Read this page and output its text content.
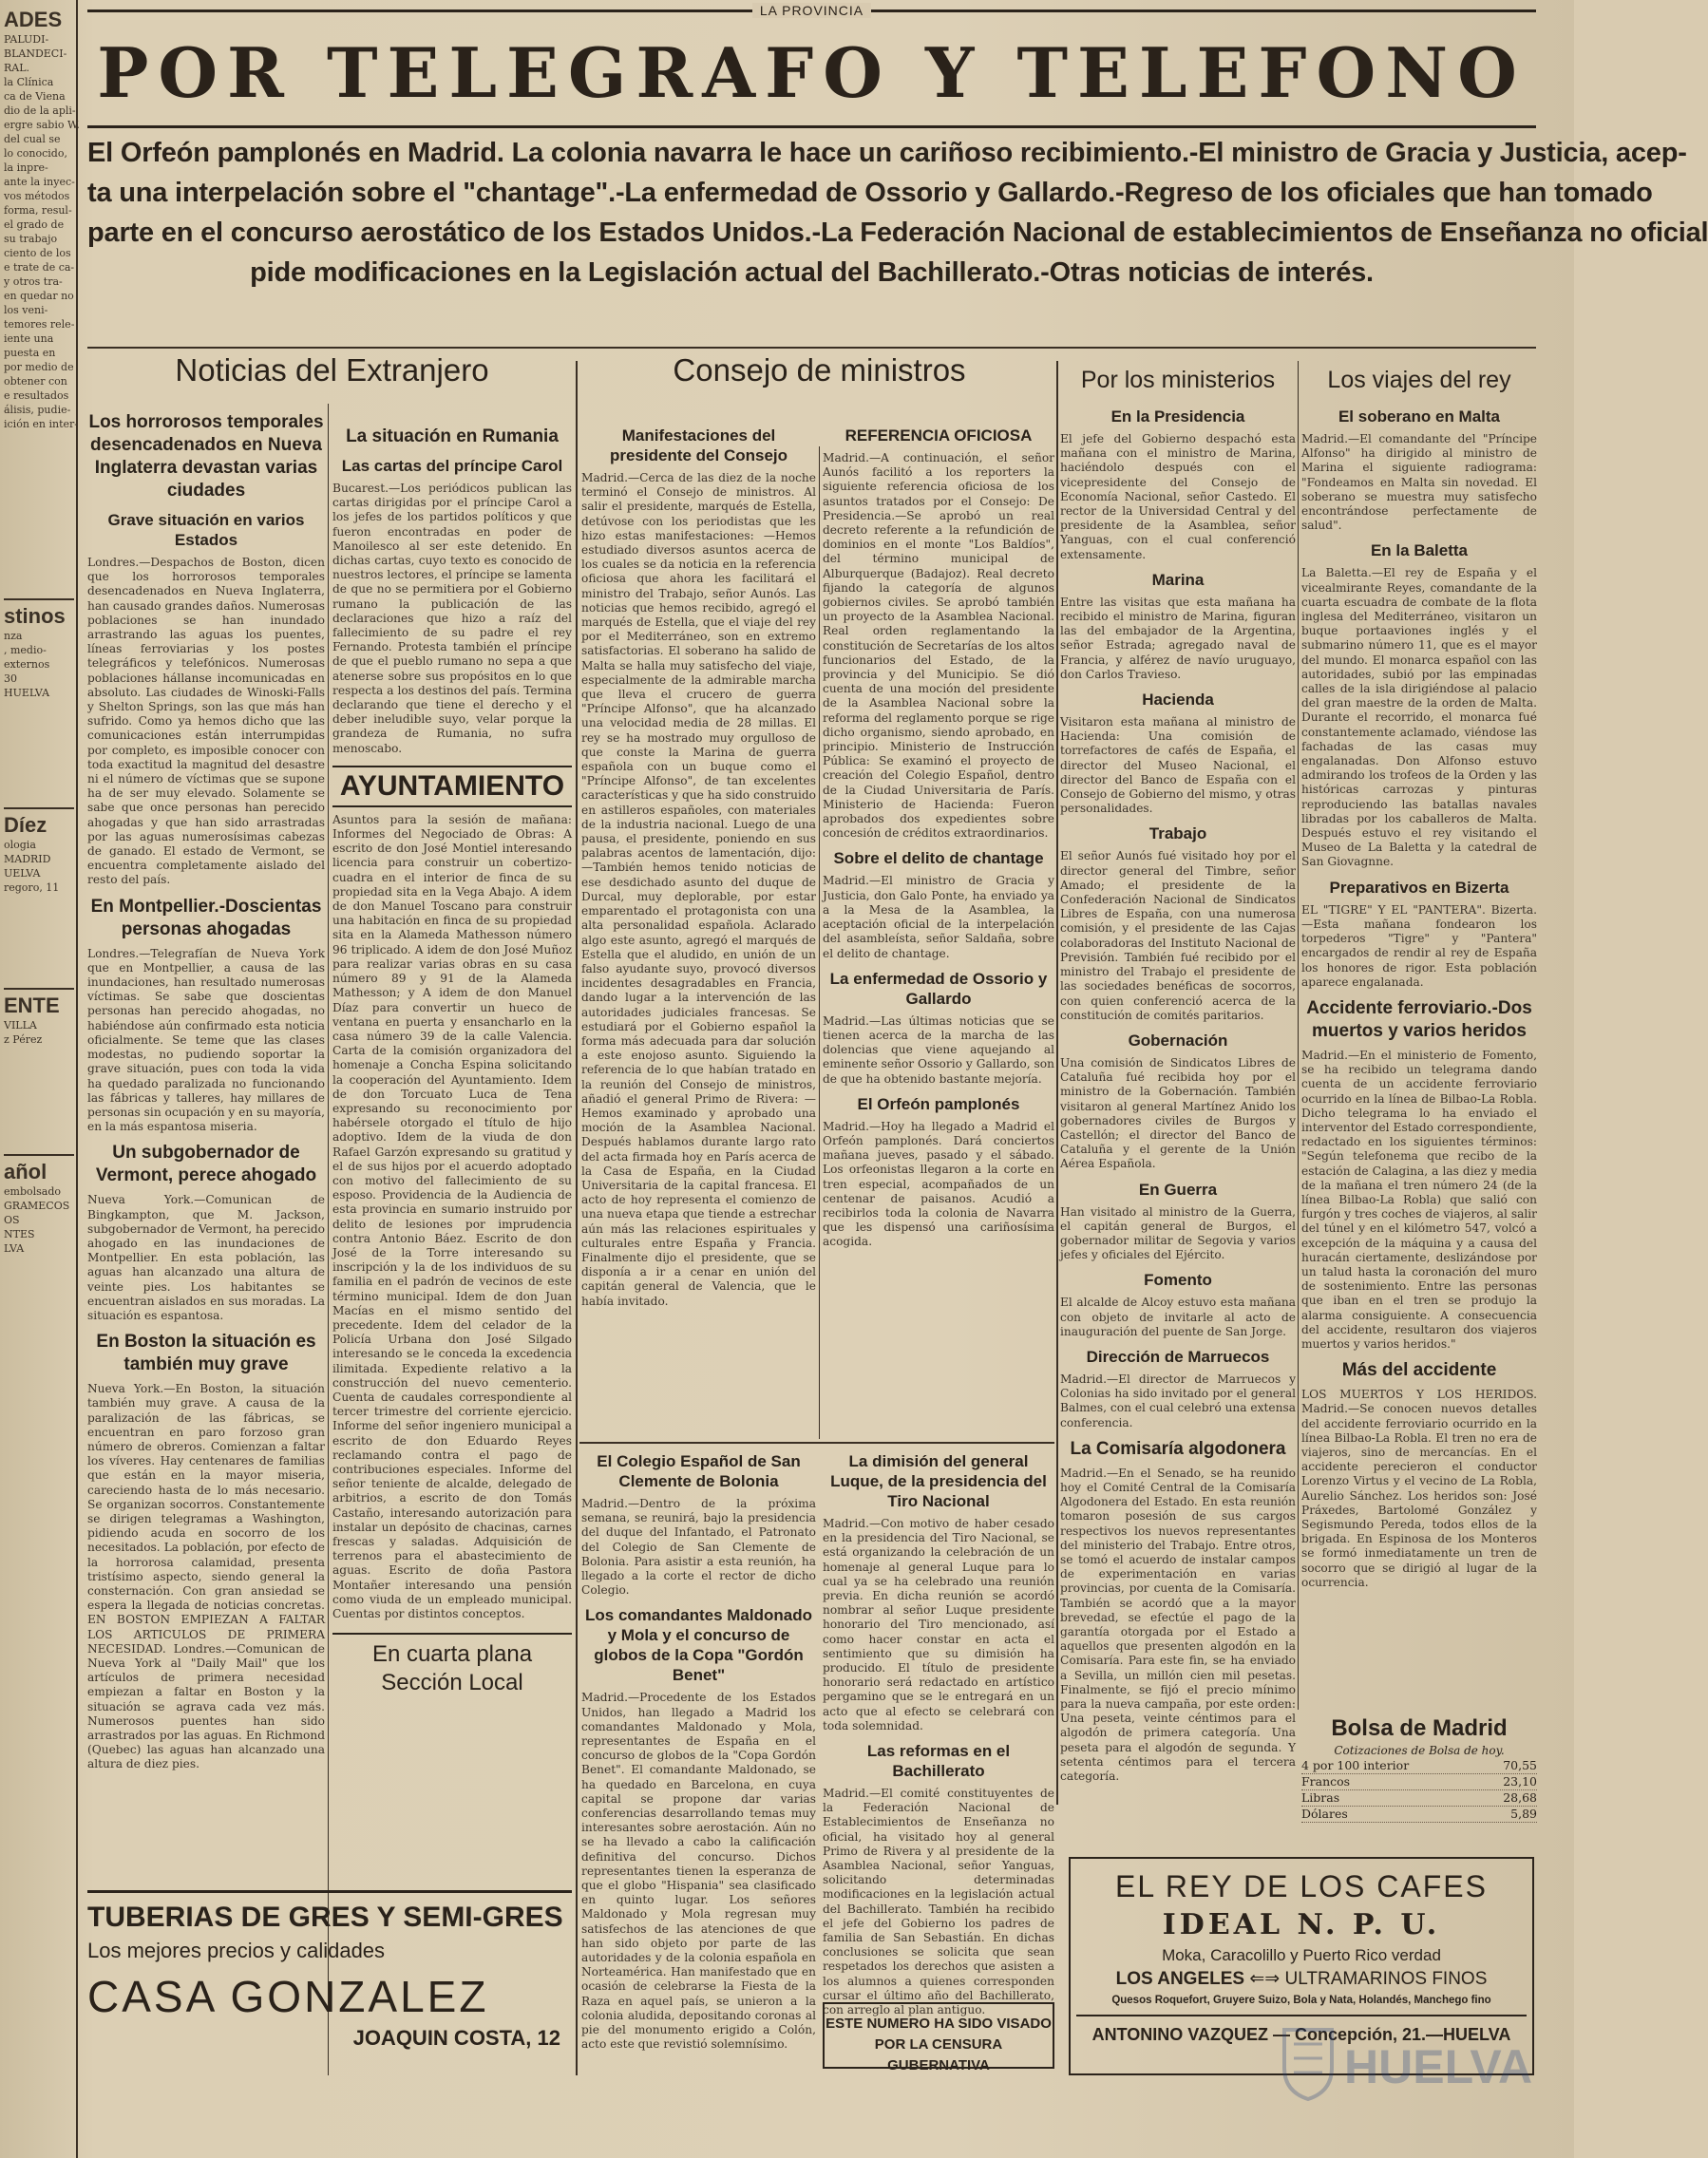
ADES

PALUDI-

BLANDECI-

RAL.

la Clínica

ca de Viena

dio de la apli-

ergre sabio W.

del cual se

lo conocido,

la inpre-

ante la inyec-

vos métodos

forma, resul-

el grado de

su trabajo

ciento de los

e trate de ca-

y otros tra-

en quedar no

los veni-

temores rele-

iente una

puesta en

por medio de

obtener con

e resultados

álisis, pudie-

ición en inter-

stinos

nza

, medio-

externos

30

HUELVA

Díez

ologia

MADRID

UELVA

regoro, 11

ENTE

VILLA

z Pérez

añol

embolsado

GRAMECOS

OS

NTES

LVA

LA PROVINCIA
POR TELEGRAFO Y TELEFONO

El Orfeón pamplonés en Madrid. La colonia navarra le hace un cariñoso recibimiento.-El ministro de Gracia y Justicia, acep-

ta una interpelación sobre el "chantage".-La enfermedad de Ossorio y Gallardo.-Regreso de los oficiales que han tomado

parte en el concurso aerostático de los Estados Unidos.-La Federación Nacional de establecimientos de Enseñanza no oficial

pide modificaciones en la Legislación actual del Bachillerato.-Otras noticias de interés.

Noticias del Extranjero	Consejo de ministros	Por los ministerios	Los viajes del rey
Los horrorosos temporales desencadenados en Nueva Inglaterra devastan varias ciudades
Grave situación en varios Estados
Londres.—Despachos de Boston, dicen que los horrorosos temporales desencadenados en Nueva Inglaterra, han causado grandes daños. Numerosas poblaciones se han inundado arrastrando las aguas los puentes, líneas ferroviarias y los postes telegráficos y telefónicos. Numerosas poblaciones hállanse incomunicadas en absoluto. Las ciudades de Winoski-Falls y Shelton Springs, son las que más han sufrido. Como ya hemos dicho que las comunicaciones están interrumpidas por completo, es imposible conocer con toda exactitud la magnitud del desastre ni el número de víctimas que se supone ha de ser muy elevado. Solamente se sabe que once personas han perecido ahogadas y que han sido arrastradas por las aguas numerosísimas cabezas de ganado. El estado de Vermont, se encuentra completamente aislado del resto del país.
En Montpellier.-Doscientas personas ahogadas
Londres.—Telegrafían de Nueva York que en Montpellier, a causa de las inundaciones, han resultado numerosas víctimas. Se sabe que doscientas personas han perecido ahogadas, no habiéndose aún confirmado esta noticia oficialmente. Se teme que las clases modestas, no pudiendo soportar la grave situación, pues con toda la vida ha quedado paralizada no funcionando las fábricas y talleres, hay millares de personas sin ocupación y en su mayoría, en la más espantosa miseria.
Un subgobernador de Vermont, perece ahogado
Nueva York.—Comunican de Bingkampton, que M. Jackson, subgobernador de Vermont, ha perecido ahogado en las inundaciones de Montpellier. En esta población, las aguas han alcanzado una altura de veinte pies. Los habitantes se encuentran aislados en sus moradas. La situación es espantosa.
En Boston la situación es también muy grave
Nueva York.—En Boston, la situación también muy grave. A causa de la paralización de las fábricas, se encuentran en paro forzoso gran número de obreros. Comienzan a faltar los víveres. Hay centenares de familias que están en la mayor miseria, careciendo hasta de lo más necesario. Se organizan socorros. Constantemente se dirigen telegramas a Washington, pidiendo acuda en socorro de los necesitados. La población, por efecto de la horrorosa calamidad, presenta tristísimo aspecto, siendo general la consternación. Con gran ansiedad se espera la llegada de noticias concretas. EN BOSTON EMPIEZAN A FALTAR LOS ARTICULOS DE PRIMERA NECESIDAD. Londres.—Comunican de Nueva York al "Daily Mail" que los artículos de primera necesidad empiezan a faltar en Boston y la situación se agrava cada vez más. Numerosos puentes han sido arrastrados por las aguas. En Richmond (Quebec) las aguas han alcanzado una altura de diez pies.
La situación en Rumania
Las cartas del príncipe Carol
Bucarest.—Los periódicos publican las cartas dirigidas por el príncipe Carol a los jefes de los partidos políticos y que fueron encontradas en poder de Manoilesco al ser este detenido. En dichas cartas, cuyo texto es conocido de nuestros lectores, el príncipe se lamenta de que no se permitiera por el Gobierno rumano la publicación de las declaraciones que hizo a raíz del fallecimiento de su padre el rey Fernando. Protesta también el príncipe de que el pueblo rumano no sepa a que atenerse sobre sus propósitos en lo que respecta a los destinos del país. Termina declarando que tiene el derecho y el deber ineludible suyo, velar porque la grandeza de Rumania, no sufra menoscabo.
AYUNTAMIENTO
Asuntos para la sesión de mañana: Informes del Negociado de Obras: A escrito de don José Montiel interesando licencia para construir un cobertizo-cuadra en el interior de finca de su propiedad sita en la Vega Abajo. A idem de don Manuel Toscano para construir una habitación en finca de su propiedad sita en la Alameda Mathesson número 96 triplicado. A idem de don José Muñoz para realizar varias obras en su casa número 89 y 91 de la Alameda Mathesson; y A idem de don Manuel Díaz para convertir un hueco de ventana en puerta y ensancharlo en la casa número 39 de la calle Valencia. Carta de la comisión organizadora del homenaje a Concha Espina solicitando la cooperación del Ayuntamiento. Idem de don Torcuato Luca de Tena expresando su reconocimiento por habérsele otorgado el título de hijo adoptivo. Idem de la viuda de don Rafael Garzón expresando su gratitud y el de sus hijos por el acuerdo adoptado con motivo del fallecimiento de su esposo. Providencia de la Audiencia de esta provincia en sumario instruido por delito de lesiones por imprudencia contra Antonio Báez. Escrito de don José de la Torre interesando su inscripción y la de los individuos de su familia en el padrón de vecinos de este término municipal. Idem de don Juan Macías en el mismo sentido del precedente. Idem del celador de la Policía Urbana don José Silgado interesando se le conceda la excedencia ilimitada. Expediente relativo a la construcción del nuevo cementerio. Cuenta de caudales correspondiente al tercer trimestre del corriente ejercicio. Informe del señor ingeniero municipal a escrito de don Eduardo Reyes reclamando contra el pago de contribuciones especiales. Informe del señor teniente de alcalde, delegado de arbitrios, a escrito de don Tomás Castaño, interesando autorización para instalar un depósito de chacinas, carnes frescas y saladas. Adquisición de terrenos para el abastecimiento de aguas. Escrito de doña Pastora Montañer interesando una pensión como viuda de un empleado municipal. Cuentas por distintos conceptos.
En cuarta plana
Sección Local
Manifestaciones del presidente del Consejo
Madrid.—Cerca de las diez de la noche terminó el Consejo de ministros. Al salir el presidente, marqués de Estella, detúvose con los periodistas que les hizo estas manifestaciones: —Hemos estudiado diversos asuntos acerca de los cuales se da noticia en la referencia oficiosa que ahora les facilitará el ministro del Trabajo, señor Aunós. Las noticias que hemos recibido, agregó el marqués de Estella, que el viaje del rey por el Mediterráneo, son en extremo satisfactorias. El soberano ha salido de Malta se halla muy satisfecho del viaje, especialmente de la admirable marcha que lleva el crucero de guerra "Príncipe Alfonso", que ha alcanzado una velocidad media de 28 millas. El rey se ha mostrado muy orgulloso de que conste la Marina de guerra española con un buque como el "Príncipe Alfonso", de tan excelentes características y que ha sido construido en astilleros españoles, con materiales de la industria nacional. Luego de una pausa, el presidente, poniendo en sus palabras acentos de lamentación, dijo: —También hemos tenido noticias de ese desdichado asunto del duque de Durcal, muy deplorable, por estar emparentado el protagonista con una alta personalidad española. Aclarado algo este asunto, agregó el marqués de Estella que el aludido, en unión de un falso ayudante suyo, provocó diversos incidentes desagradables en Francia, dando lugar a la intervención de las autoridades judiciales francesas. Se estudiará por el Gobierno español la forma más adecuada para dar solución a este enojoso asunto. Siguiendo la referencia de lo que habían tratado en la reunión del Consejo de ministros, añadió el general Primo de Rivera: —Hemos examinado y aprobado una moción de la Asamblea Nacional. Después hablamos durante largo rato del acta firmada hoy en París acerca de la Casa de España, en la Ciudad Universitaria de la capital francesa. El acto de hoy representa el comienzo de una nueva etapa que tiende a estrechar aún más las relaciones espirituales y culturales entre España y Francia. Finalmente dijo el presidente, que se disponía a ir a cenar en unión del capitán general de Valencia, que le había invitado.
REFERENCIA OFICIOSA
Madrid.—A continuación, el señor Aunós facilitó a los reporters la siguiente referencia oficiosa de los asuntos tratados por el Consejo: De Presidencia.—Se aprobó un real decreto referente a la refundición de dominios en el monte "Los Baldíos", del término municipal de Alburquerque (Badajoz). Real decreto fijando la categoría de algunos gobiernos civiles. Se aprobó también un proyecto de la Asamblea Nacional. Real orden reglamentando la constitución de Secretarías de los altos funcionarios del Estado, de la provincia y del Municipio. Se dió cuenta de una moción del presidente de la Asamblea Nacional sobre la reforma del reglamento porque se rige dicho organismo, siendo aprobado, en principio. Ministerio de Instrucción Pública: Se examinó el proyecto de creación del Colegio Español, dentro de la Ciudad Universitaria de París. Ministerio de Hacienda: Fueron aprobados dos expedientes sobre concesión de créditos extraordinarios.
Sobre el delito de chantage
Madrid.—El ministro de Gracia y Justicia, don Galo Ponte, ha enviado ya a la Mesa de la Asamblea, la aceptación oficial de la interpelación del asambleísta, señor Saldaña, sobre el delito de chantage.
La enfermedad de Ossorio y Gallardo
Madrid.—Las últimas noticias que se tienen acerca de la marcha de las dolencias que viene aquejando al eminente señor Ossorio y Gallardo, son de que ha obtenido bastante mejoría.
El Orfeón pamplonés
Madrid.—Hoy ha llegado a Madrid el Orfeón pamplonés. Dará conciertos mañana jueves, pasado y el sábado. Los orfeonistas llegaron a la corte en tren especial, acompañados de un centenar de paisanos. Acudió a recibirlos toda la colonia de Navarra que les dispensó una cariñosísima acogida.
El Colegio Español de San Clemente de Bolonia
Madrid.—Dentro de la próxima semana, se reunirá, bajo la presidencia del duque del Infantado, el Patronato del Colegio de San Clemente de Bolonia. Para asistir a esta reunión, ha llegado a la corte el rector de dicho Colegio.
Los comandantes Maldonado y Mola y el concurso de globos de la Copa "Gordón Benet"
Madrid.—Procedente de los Estados Unidos, han llegado a Madrid los comandantes Maldonado y Mola, representantes de España en el concurso de globos de la "Copa Gordón Benet". El comandante Maldonado, se ha quedado en Barcelona, en cuya capital se propone dar varias conferencias desarrollando temas muy interesantes sobre aerostación. Aún no se ha llevado a cabo la calificación definitiva del concurso. Dichos representantes tienen la esperanza de que el globo "Hispania" sea clasificado en quinto lugar. Los señores Maldonado y Mola regresan muy satisfechos de las atenciones de que han sido objeto por parte de las autoridades y de la colonia española en Norteamérica. Han manifestado que en ocasión de celebrarse la Fiesta de la Raza en aquel país, se unieron a la colonia aludida, depositando coronas al pie del monumento erigido a Colón, acto este que revistió solemnísimo.
La dimisión del general Luque, de la presidencia del Tiro Nacional
Madrid.—Con motivo de haber cesado en la presidencia del Tiro Nacional, se está organizando la celebración de un homenaje al general Luque para lo cual ya se ha celebrado una reunión previa. En dicha reunión se acordó nombrar al señor Luque presidente honorario del Tiro mencionado, así como hacer constar en acta el sentimiento que su dimisión ha producido. El título de presidente honorario será redactado en artístico pergamino que se le entregará en un acto que al efecto se celebrará con toda solemnidad.
Las reformas en el Bachillerato
Madrid.—El comité constituyentes de la Federación Nacional de Establecimientos de Enseñanza no oficial, ha visitado hoy al general Primo de Rivera y al presidente de la Asamblea Nacional, señor Yanguas, solicitando determinadas modificaciones en la legislación actual del Bachillerato. También ha recibido el jefe del Gobierno los padres de familia de San Sebastián. En dichas conclusiones se solicita que sean respetados los derechos que asisten a los alumnos a quienes corresponden cursar el último año del Bachillerato, con arreglo al plan antiguo.
ESTE NUMERO HA SIDO VISADO
POR LA CENSURA GUBERNATIVA
En la Presidencia
El jefe del Gobierno despachó esta mañana con el ministro de Marina, haciéndolo después con el vicepresidente del Consejo de Economía Nacional, señor Castedo. El rector de la Universidad Central y del presidente de la Asamblea, señor Yanguas, con el cual conferenció extensamente.
Marina
Entre las visitas que esta mañana ha recibido el ministro de Marina, figuran las del embajador de la Argentina, señor Estrada; agregado naval de Francia, y alférez de navío uruguayo, don Carlos Travieso.
Hacienda
Visitaron esta mañana al ministro de Hacienda: Una comisión de torrefactores de cafés de España, el director del Museo Nacional, el director del Banco de España con el Consejo de Gobierno del mismo, y otras personalidades.
Trabajo
El señor Aunós fué visitado hoy por el director general del Timbre, señor Amado; el presidente de la Confederación Nacional de Sindicatos Libres de España, con una numerosa comisión, y el presidente de las Cajas colaboradoras del Instituto Nacional de Previsión. También fué recibido por el ministro del Trabajo el presidente de las sociedades benéficas de socorros, con quien conferenció acerca de la constitución de comités paritarios.
Gobernación
Una comisión de Sindicatos Libres de Cataluña fué recibida hoy por el ministro de la Gobernación. También visitaron al general Martínez Anido los gobernadores civiles de Burgos y Castellón; el director del Banco de Cataluña y el gerente de la Unión Aérea Española.
En Guerra
Han visitado al ministro de la Guerra, el capitán general de Burgos, el gobernador militar de Segovia y varios jefes y oficiales del Ejército.
Fomento
El alcalde de Alcoy estuvo esta mañana con objeto de invitarle al acto de inauguración del puente de San Jorge.
Dirección de Marruecos
Madrid.—El director de Marruecos y Colonias ha sido invitado por el general Balmes, con el cual celebró una extensa conferencia.
La Comisaría algodonera
Madrid.—En el Senado, se ha reunido hoy el Comité Central de la Comisaría Algodonera del Estado. En esta reunión tomaron posesión de sus cargos respectivos los nuevos representantes del ministerio del Trabajo. Entre otros, se tomó el acuerdo de instalar campos de experimentación en varias provincias, por cuenta de la Comisaría. También se acordó que a la mayor brevedad, se efectúe el pago de la garantía otorgada por el Estado a aquellos que presenten algodón en la Comisaría. Para este fin, se ha enviado a Sevilla, un millón cien mil pesetas. Finalmente, se fijó el precio mínimo para la nueva campaña, por este orden: Una peseta, veinte céntimos para el algodón de primera categoría. Una peseta para el algodón de segunda. Y setenta céntimos para el tercera categoría.
El soberano en Malta
Madrid.—El comandante del "Príncipe Alfonso" ha dirigido al ministro de Marina el siguiente radiograma: "Fondeamos en Malta sin novedad. El soberano se muestra muy satisfecho encontrándose perfectamente de salud".
En la Baletta
La Baletta.—El rey de España y el vicealmirante Reyes, comandante de la cuarta escuadra de combate de la flota inglesa del Mediterráneo, visitaron un buque portaaviones inglés y el submarino número 11, que es el mayor del mundo. El monarca español con las autoridades, subió por las empinadas calles de la isla dirigiéndose al palacio del gran maestre de la orden de Malta. Durante el recorrido, el monarca fué constantemente aclamado, viéndose las fachadas de las casas muy engalanadas. Don Alfonso estuvo admirando los trofeos de la Orden y las históricas carrozas y pinturas reproduciendo las batallas navales libradas por los caballeros de Malta. Después estuvo el rey visitando el Museo de La Baletta y la catedral de San Giovagnne.
Preparativos en Bizerta
EL "TIGRE" Y EL "PANTERA". Bizerta.—Esta mañana fondearon los torpederos "Tigre" y "Pantera" encargados de rendir al rey de España los honores de rigor. Esta población aparece engalanada.
Accidente ferroviario.-Dos muertos y varios heridos
Madrid.—En el ministerio de Fomento, se ha recibido un telegrama dando cuenta de un accidente ferroviario ocurrido en la línea de Bilbao-La Robla. Dicho telegrama lo ha enviado el interventor del Estado correspondiente, redactado en los siguientes términos: "Según telefonema que recibo de la estación de Calagina, a las diez y media de la mañana el tren número 24 (de la línea Bilbao-La Robla) que salió con furgón y tres coches de viajeros, al salir del túnel y en el kilómetro 547, volcó a excepción de la máquina y a causa del huracán ciertamente, deslizándose por un talud hasta la coronación del muro de sostenimiento. Entre las personas que iban en el tren se produjo la alarma consiguiente. A consecuencia del accidente, resultaron dos viajeros muertos y varios heridos."
Más del accidente
LOS MUERTOS Y LOS HERIDOS. Madrid.—Se conocen nuevos detalles del accidente ferroviario ocurrido en la línea Bilbao-La Robla. El tren no era de viajeros, sino de mercancías. En el accidente perecieron el conductor Lorenzo Virtus y el vecino de La Robla, Aurelio Sánchez. Los heridos son: José Práxedes, Bartolomé González y Segismundo Pereda, todos ellos de la brigada. En Espinosa de los Monteros se formó inmediatamente un tren de socorro que se dirigió al lugar de la ocurrencia.
Bolsa de Madrid
Cotizaciones de Bolsa de hoy.
4 por 100 interior	70,55
Francos	23,10
Libras	28,68
Dólares	5,89
TUBERIAS DE GRES Y SEMI-GRES
Los mejores precios y calidades
CASA GONZALEZ
JOAQUIN COSTA, 12
EL REY DE LOS CAFES
IDEAL N. P. U.
Moka, Caracolillo y Puerto Rico verdad
LOS ANGELES ⇐⇒ ULTRAMARINOS FINOS
Quesos Roquefort, Gruyere Suizo, Bola y Nata, Holandés, Manchego fino
ANTONINO VAZQUEZ — Concepción, 21.—HUELVA
HUELVA
